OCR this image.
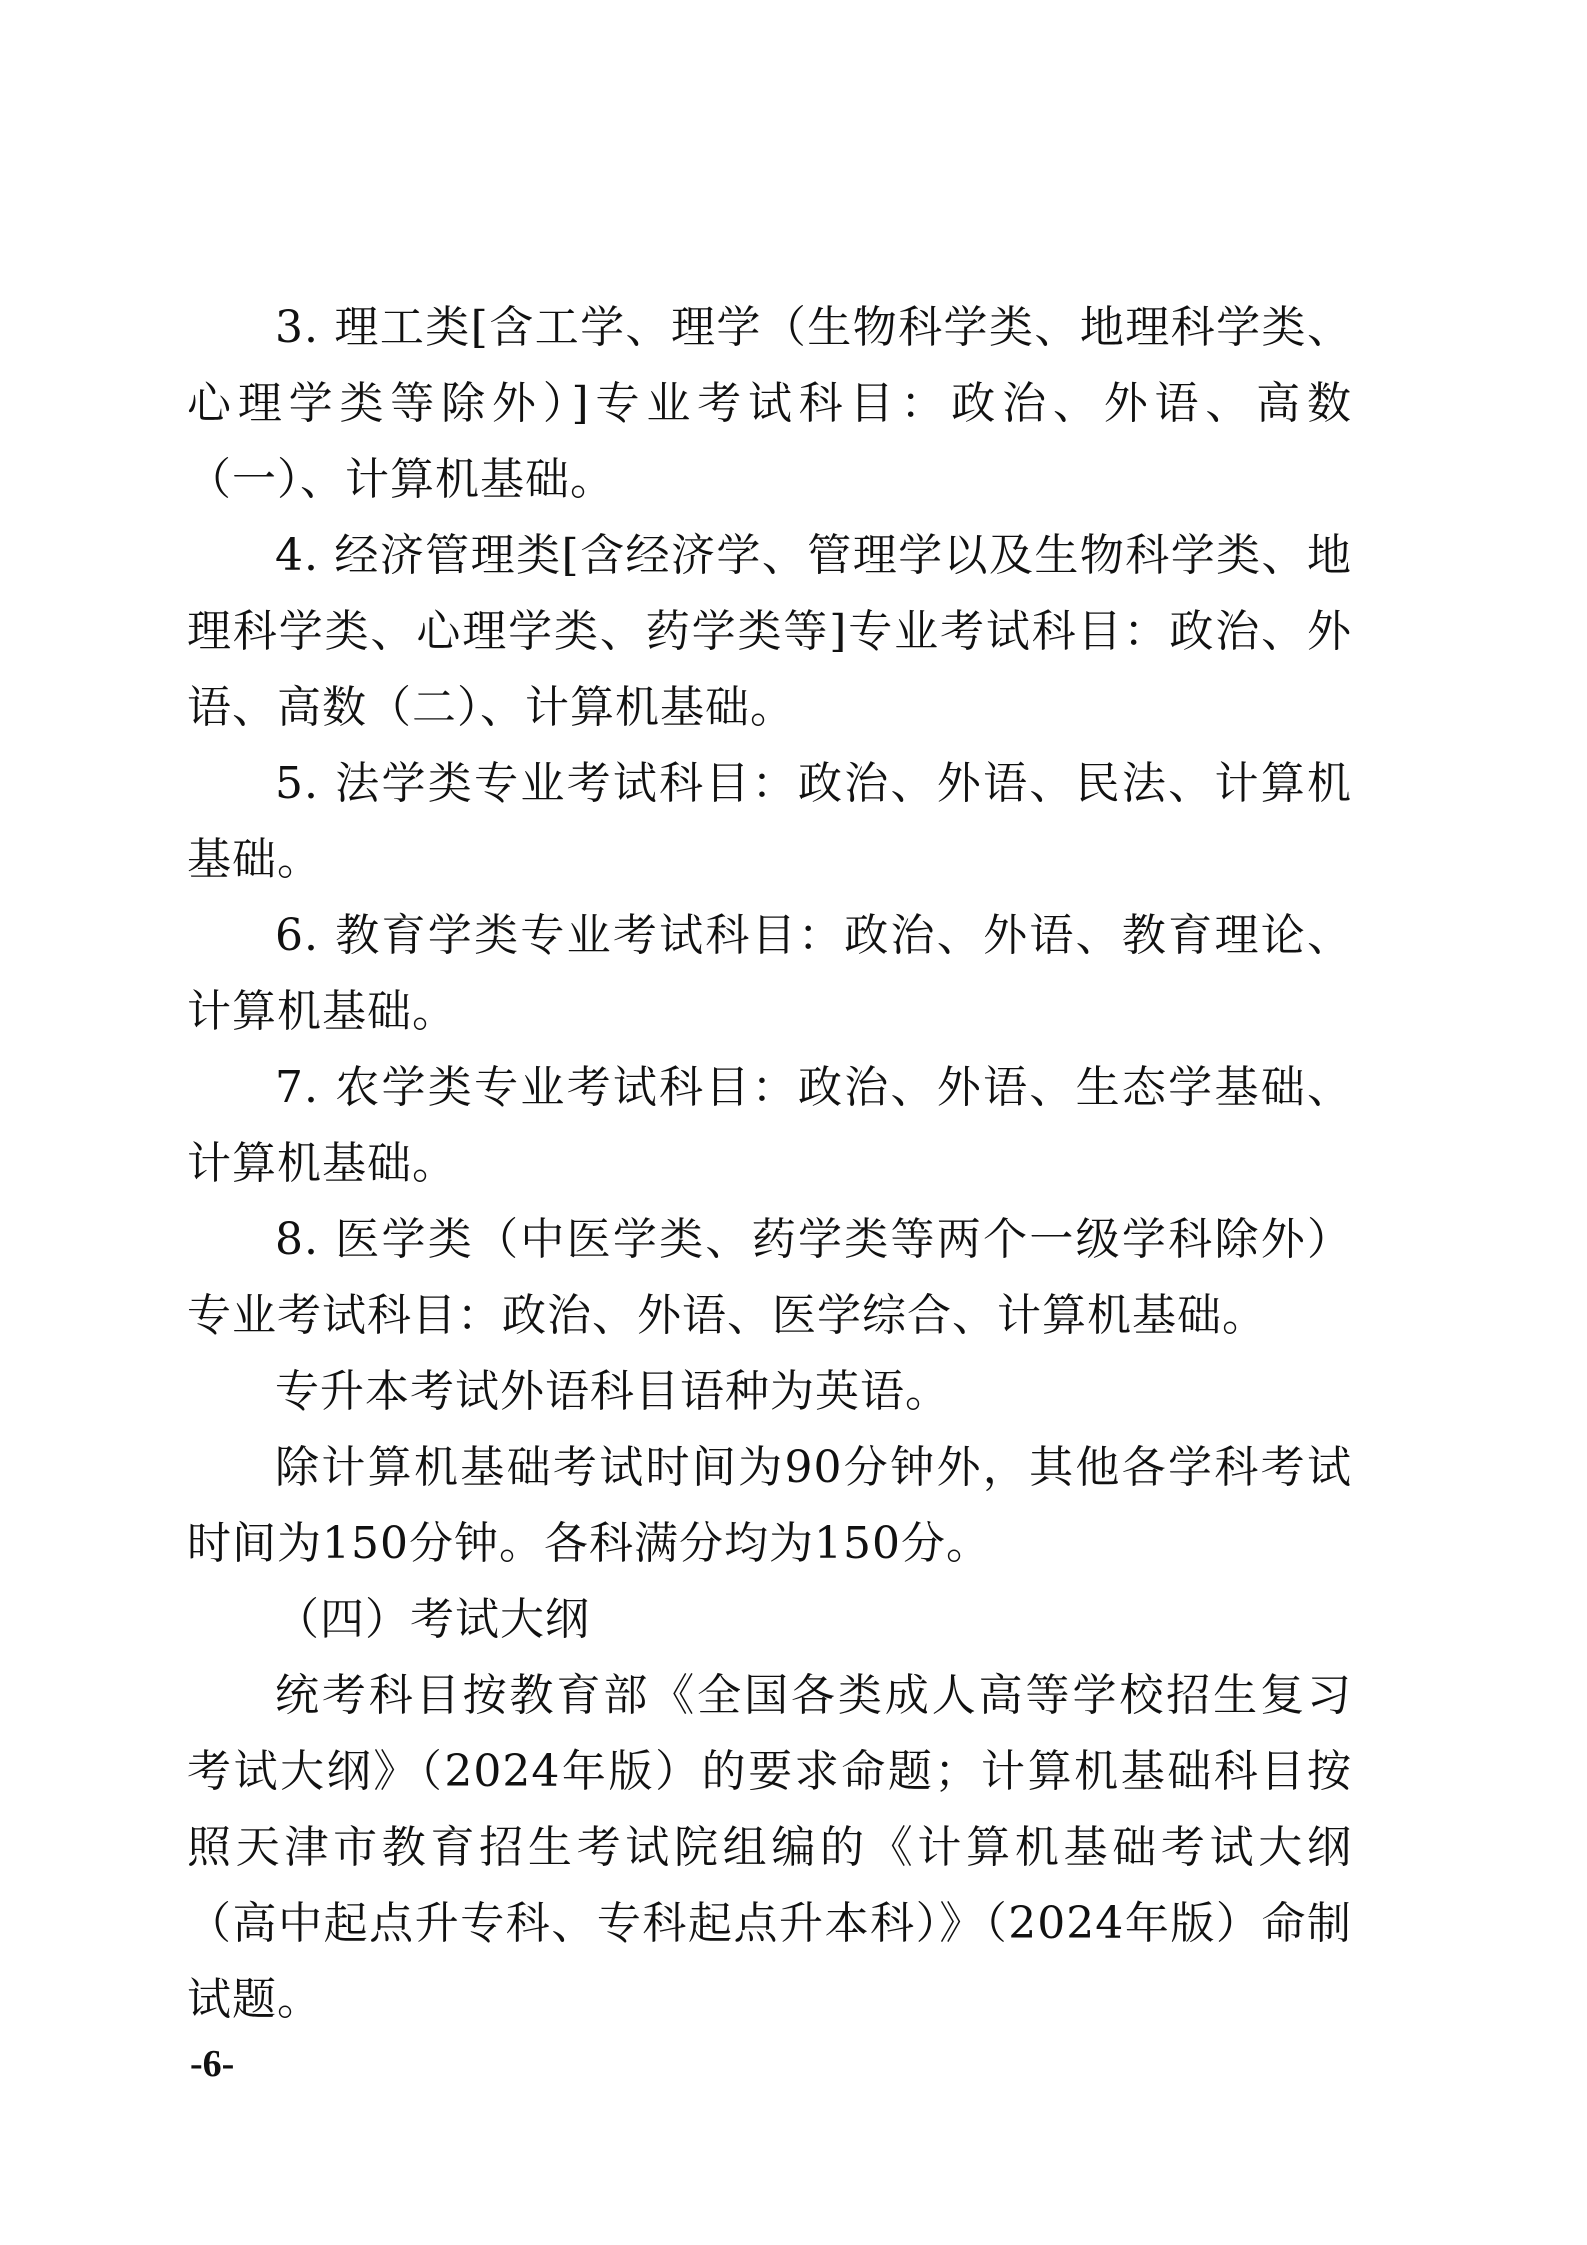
3. 理工类[含工学、理学（生物科学类、地理科学类、心理学类等除外）]专业考试科目：政治、外语、高数（一）、计算机基础。

4. 经济管理类[含经济学、管理学以及生物科学类、地理科学类、心理学类、药学类等]专业考试科目：政治、外语、高数（二）、计算机基础。

5. 法学类专业考试科目：政治、外语、民法、计算机基础。

6. 教育学类专业考试科目：政治、外语、教育理论、计算机基础。

7. 农学类专业考试科目：政治、外语、生态学基础、计算机基础。

8. 医学类（中医学类、药学类等两个一级学科除外）专业考试科目：政治、外语、医学综合、计算机基础。

专升本考试外语科目语种为英语。

除计算机基础考试时间为90分钟外，其他各学科考试时间为150分钟。各科满分均为150分。

（四）考试大纲

统考科目按教育部《全国各类成人高等学校招生复习考试大纲》（2024年版）的要求命题；计算机基础科目按照天津市教育招生考试院组编的《计算机基础考试大纲（高中起点升专科、专科起点升本科）》（2024年版）命制试题。

-6-
